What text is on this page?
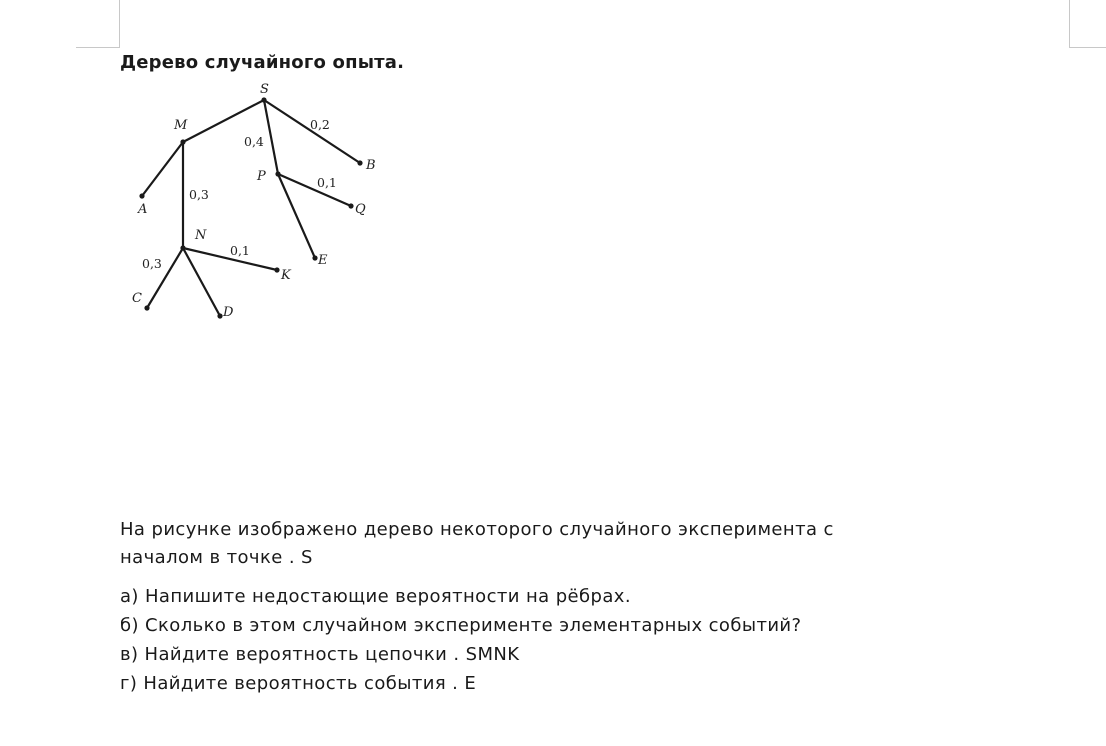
Дерево случайного опыта.
S
M
P
B
Q
A
N
E
K
C
D
0,2
0,4
0,1
0,3
0,1
0,3

На рисунке изображено дерево некоторого случайного эксперимента с
началом в точке . S

а) Напишите недостающие вероятности на рёбрах.

б) Сколько в этом случайном эксперименте элементарных событий?

в) Найдите вероятность цепочки . SMNK

г) Найдите вероятность события . E
